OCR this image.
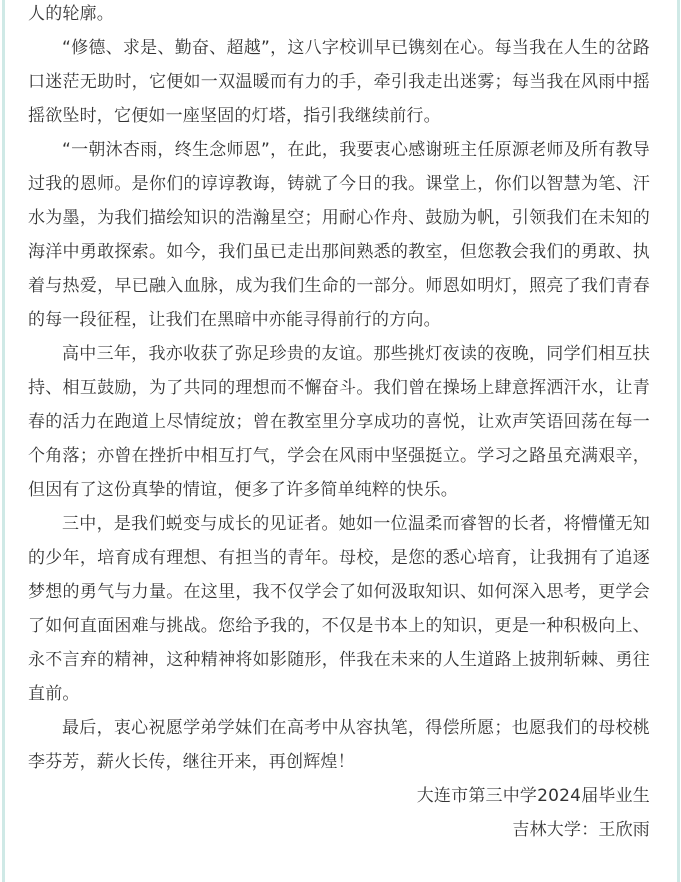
人的轮廓。

“修德、求是、勤奋、超越”，这八字校训早已镌刻在心。每当我在人生的岔路口迷茫无助时，它便如一双温暖而有力的手，牵引我走出迷雾；每当我在风雨中摇摇欲坠时，它便如一座坚固的灯塔，指引我继续前行。

“一朝沐杏雨，终生念师恩”，在此，我要衷心感谢班主任原源老师及所有教导过我的恩师。是你们的谆谆教诲，铸就了今日的我。课堂上，你们以智慧为笔、汗水为墨，为我们描绘知识的浩瀚星空；用耐心作舟、鼓励为帆，引领我们在未知的海洋中勇敢探索。如今，我们虽已走出那间熟悉的教室，但您教会我们的勇敢、执着与热爱，早已融入血脉，成为我们生命的一部分。师恩如明灯，照亮了我们青春的每一段征程，让我们在黑暗中亦能寻得前行的方向。

高中三年，我亦收获了弥足珍贵的友谊。那些挑灯夜读的夜晚，同学们相互扶持、相互鼓励，为了共同的理想而不懈奋斗。我们曾在操场上肆意挥洒汗水，让青春的活力在跑道上尽情绽放；曾在教室里分享成功的喜悦，让欢声笑语回荡在每一个角落；亦曾在挫折中相互打气，学会在风雨中坚强挺立。学习之路虽充满艰辛，但因有了这份真挚的情谊，便多了许多简单纯粹的快乐。

三中，是我们蜕变与成长的见证者。她如一位温柔而睿智的长者，将懵懂无知的少年，培育成有理想、有担当的青年。母校，是您的悉心培育，让我拥有了追逐梦想的勇气与力量。在这里，我不仅学会了如何汲取知识、如何深入思考，更学会了如何直面困难与挑战。您给予我的，不仅是书本上的知识，更是一种积极向上、永不言弃的精神，这种精神将如影随形，伴我在未来的人生道路上披荆斩棘、勇往直前。

最后，衷心祝愿学弟学妹们在高考中从容执笔，得偿所愿；也愿我们的母校桃李芬芳，薪火长传，继往开来，再创辉煌！

大连市第三中学2024届毕业生

吉林大学：王欣雨
